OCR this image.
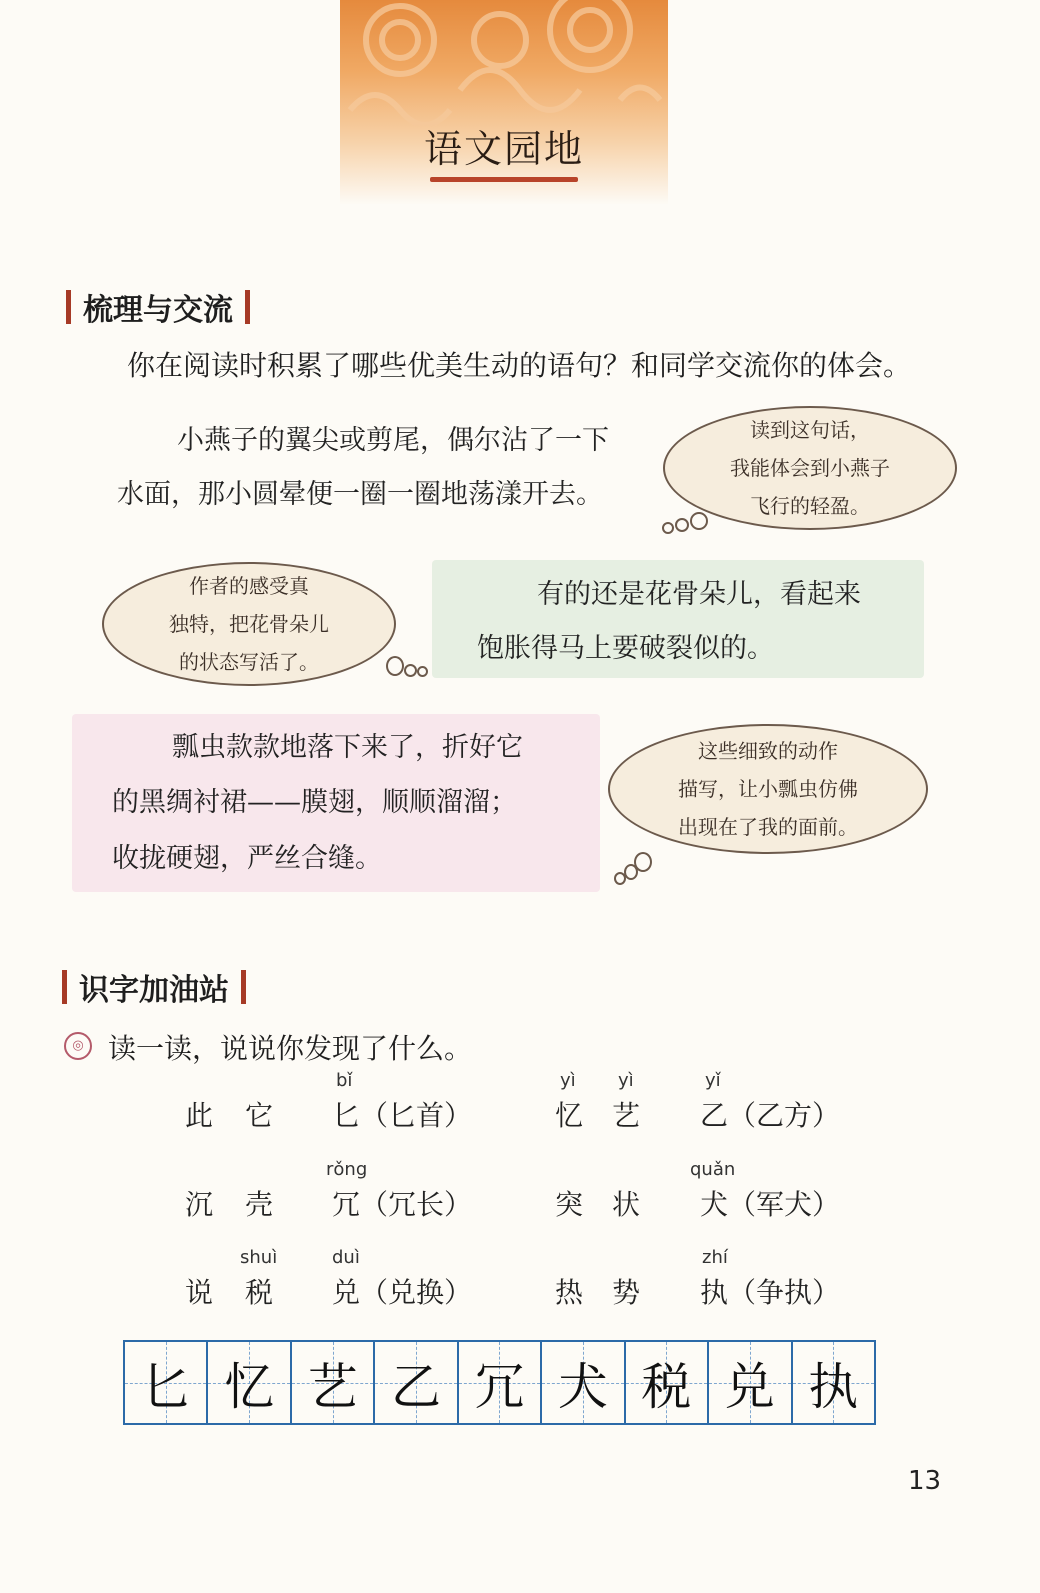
语文园地
梳理与交流
你在阅读时积累了哪些优美生动的语句？和同学交流你的体会。
小燕子的翼尖或剪尾，偶尔沾了一下
水面，那小圆晕便一圈一圈地荡漾开去。
读到这句话，
我能体会到小燕子
飞行的轻盈。
有的还是花骨朵儿，看起来
饱胀得马上要破裂似的。
作者的感受真
独特，把花骨朵儿
的状态写活了。
瓢虫款款地落下来了，折好它
的黑绸衬裙——膜翅，顺顺溜溜；
收拢硬翅，严丝合缝。
这些细致的动作
描写，让小瓢虫仿佛
出现在了我的面前。
识字加油站
◎ 读一读，说说你发现了什么。
此 它
bǐ
匕（匕首）
yì
忆
yì
艺
yǐ
乙（乙方）
沉 壳
rǒng
冗（冗长）	突 状
quǎn
犬（军犬）
说
shuì
税
duì
兑（兑换）	热 势
zhí
执（争执）
匕 忆 艺 乙 冗 犬 税 兑 执
13
